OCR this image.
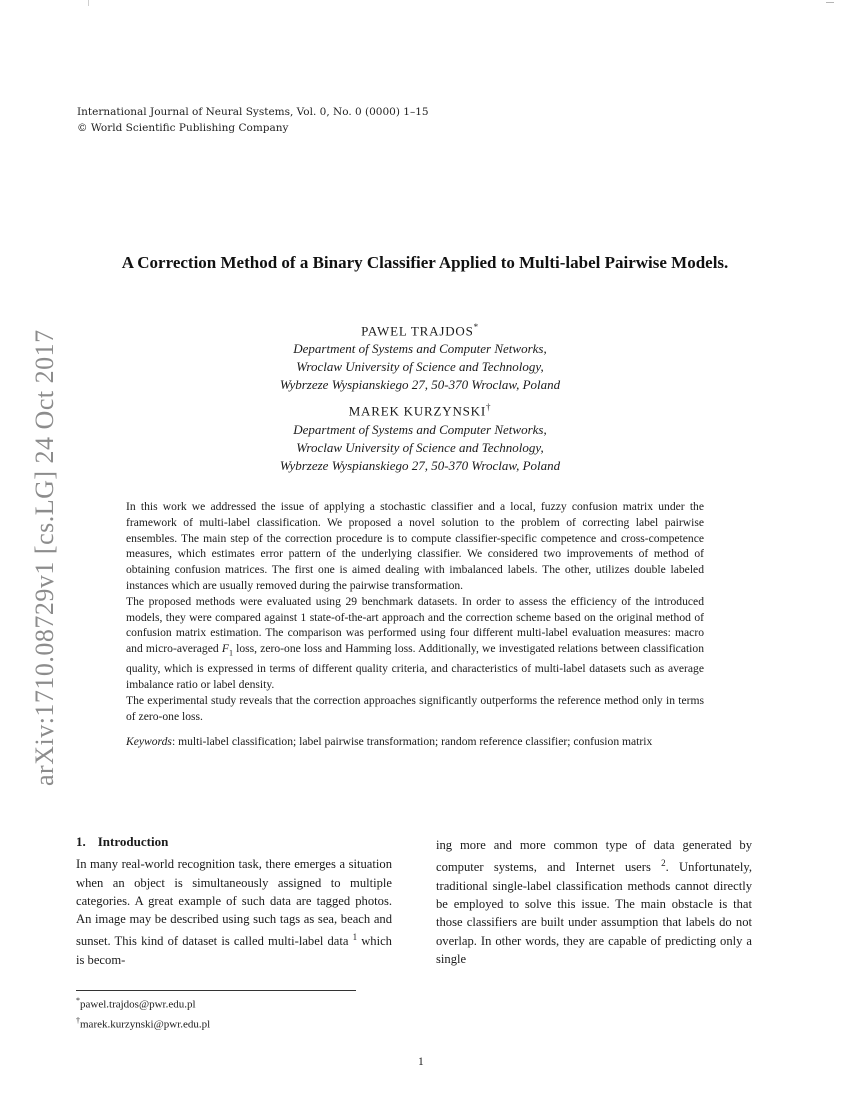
arXiv:1710.08729v1 [cs.LG] 24 Oct 2017
International Journal of Neural Systems, Vol. 0, No. 0 (0000) 1–15
© World Scientific Publishing Company
A Correction Method of a Binary Classifier Applied to Multi-label Pairwise Models.
PAWEL TRAJDOS*
Department of Systems and Computer Networks,
Wroclaw University of Science and Technology,
Wybrzeze Wyspianskiego 27, 50-370 Wroclaw, Poland
MAREK KURZYNSKI†
Department of Systems and Computer Networks,
Wroclaw University of Science and Technology,
Wybrzeze Wyspianskiego 27, 50-370 Wroclaw, Poland

In this work we addressed the issue of applying a stochastic classifier and a local, fuzzy confusion matrix under the framework of multi-label classification. We proposed a novel solution to the problem of correcting label pairwise ensembles. The main step of the correction procedure is to compute classifier-specific competence and cross-competence measures, which estimates error pattern of the underlying classifier. We considered two improvements of method of obtaining confusion matrices. The first one is aimed dealing with imbalanced labels. The other, utilizes double labeled instances which are usually removed during the pairwise transformation.

The proposed methods were evaluated using 29 benchmark datasets. In order to assess the efficiency of the introduced models, they were compared against 1 state-of-the-art approach and the correction scheme based on the original method of confusion matrix estimation. The comparison was performed using four different multi-label evaluation measures: macro and micro-averaged $F_1$ loss, zero-one loss and Hamming loss. Additionally, we investigated relations between classification quality, which is expressed in terms of different quality criteria, and characteristics of multi-label datasets such as average imbalance ratio or label density.

The experimental study reveals that the correction approaches significantly outperforms the reference method only in terms of zero-one loss.

Keywords: multi-label classification; label pairwise transformation; random reference classifier; confusion matrix

1. Introduction

In many real-world recognition task, there emerges a situation when an object is simultaneously assigned to multiple categories. A great example of such data are tagged photos. An image may be described using such tags as sea, beach and sunset. This kind of dataset is called multi-label data $^1$ which is becom-

ing more and more common type of data generated by computer systems, and Internet users $^2$. Unfortunately, traditional single-label classification methods cannot directly be employed to solve this issue. The main obstacle is that those classifiers are built under assumption that labels do not overlap. In other words, they are capable of predicting only a single

*pawel.trajdos@pwr.edu.pl
†marek.kurzynski@pwr.edu.pl
1
